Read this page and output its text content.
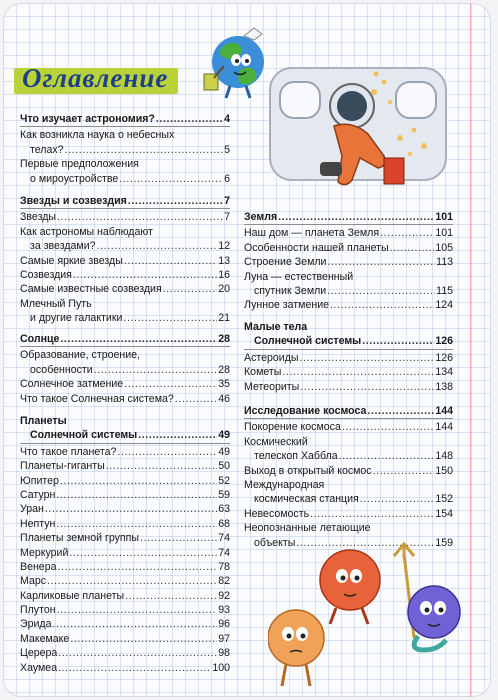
Оглавление
Что изучает астрономия? .....	4
Как возникла наука о небесных
телах? .....	5
Первые предположения
о мироустройстве .....	6
Звезды и созвездия .....	7
Звезды .....	7
Как астрономы наблюдают
за звездами? .....	12
Самые яркие звезды .....	13
Созвездия .....	16
Самые известные созвездия .....	20
Млечный Путь
и другие галактики .....	21
Солнце .....	28
Образование, строение,
особенности .....	28
Солнечное затмение .....	35
Что такое Солнечная система? .....	46
Планеты
Солнечной системы .....	49
Что такое планета? .....	49
Планеты-гиганты .....	50
Юпитер .....	52
Сатурн .....	59
Уран .....	63
Нептун .....	68
Планеты земной группы .....	74
Меркурий .....	74
Венера .....	78
Марс .....	82
Карликовые планеты .....	92
Плутон .....	93
Эрида .....	96
Макемаке .....	97
Церера .....	98
Хаумеа .....	100
Земля .....	101
Наш дом — планета Земля .....	101
Особенности нашей планеты .....	105
Строение Земли .....	113
Луна — естественный
спутник Земли .....	115
Лунное затмение .....	124
Малые тела
Солнечной системы .....	126
Астероиды .....	126
Кометы .....	134
Метеориты .....	138
Исследование космоса .....	144
Покорение космоса .....	144
Космический
телескоп Хаббла .....	148
Выход в открытый космос .....	150
Международная
космическая станция .....	152
Невесомость .....	154
Неопознанные летающие
объекты .....	159
